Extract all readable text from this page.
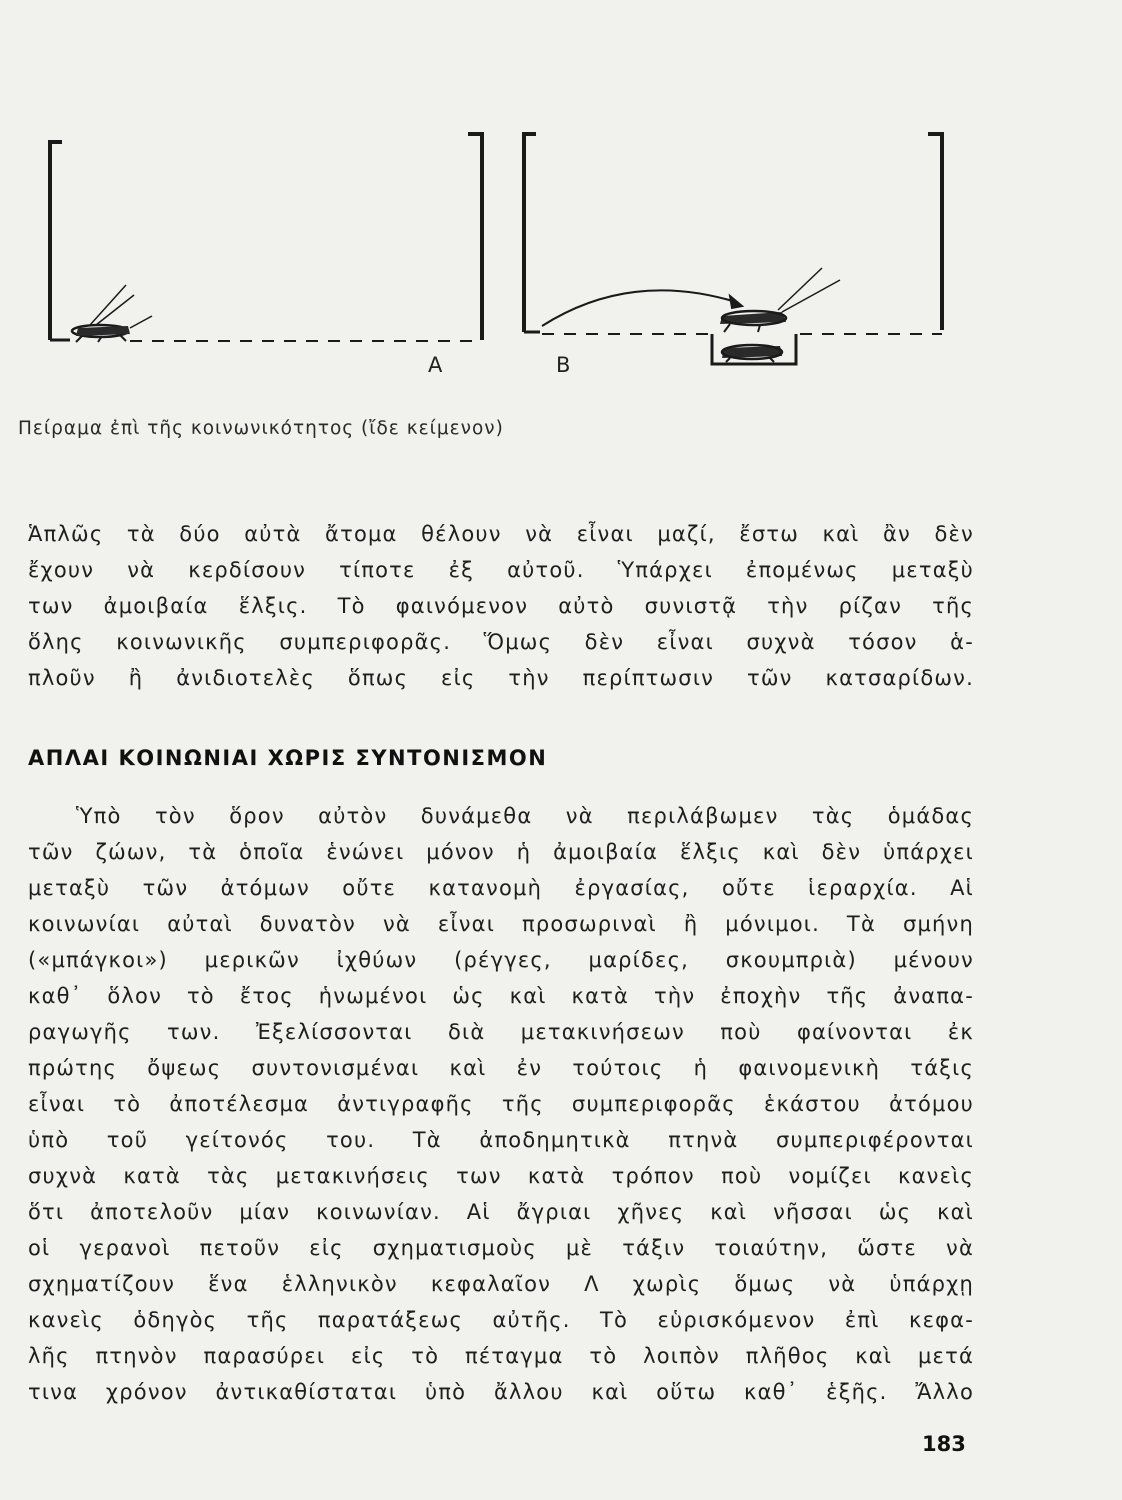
A	B
Πείραμα ἐπὶ τῆς κοινωνικότητος (ἴδε κείμενον)
Ἁπλῶς τὰ δύο αὐτὰ ἄτομα θέλουν νὰ εἶναι μαζί, ἔστω καὶ ἂν δὲν
ἔχουν νὰ κερδίσουν τίποτε ἐξ αὐτοῦ. Ὑπάρχει ἐπομένως μεταξὺ
των ἀμοιβαία ἕλξις. Τὸ φαινόμενον αὐτὸ συνιστᾷ τὴν ρίζαν τῆς
ὅλης κοινωνικῆς συμπεριφορᾶς. Ὅμως δὲν εἶναι συχνὰ τόσον ἁ-
πλοῦν ἢ ἀνιδιοτελὲς ὅπως εἰς τὴν περίπτωσιν τῶν κατσαρίδων.
ΑΠΛΑΙ ΚΟΙΝΩΝΙΑΙ ΧΩΡΙΣ ΣΥΝΤΟΝΙΣΜΟΝ
Ὑπὸ τὸν ὅρον αὐτὸν δυνάμεθα νὰ περιλάβωμεν τὰς ὁμάδας
τῶν ζώων, τὰ ὁποῖα ἑνώνει μόνον ἡ ἀμοιβαία ἕλξις καὶ δὲν ὑπάρχει
μεταξὺ τῶν ἀτόμων οὔτε κατανομὴ ἐργασίας, οὔτε ἱεραρχία. Αἱ
κοινωνίαι αὐταὶ δυνατὸν νὰ εἶναι προσωριναὶ ἢ μόνιμοι. Τὰ σμήνη
(«μπάγκοι») μερικῶν ἰχθύων (ρέγγες, μαρίδες, σκουμπριὰ) μένουν
καθ᾽ ὅλον τὸ ἔτος ἡνωμένοι ὡς καὶ κατὰ τὴν ἐποχὴν τῆς ἀναπα-
ραγωγῆς των. Ἐξελίσσονται διὰ μετακινήσεων ποὺ φαίνονται ἐκ
πρώτης ὄψεως συντονισμέναι καὶ ἐν τούτοις ἡ φαινομενικὴ τάξις
εἶναι τὸ ἀποτέλεσμα ἀντιγραφῆς τῆς συμπεριφορᾶς ἑκάστου ἀτόμου
ὑπὸ τοῦ γείτονός του. Τὰ ἀποδημητικὰ πτηνὰ συμπεριφέρονται
συχνὰ κατὰ τὰς μετακινήσεις των κατὰ τρόπον ποὺ νομίζει κανεὶς
ὅτι ἀποτελοῦν μίαν κοινωνίαν. Αἱ ἄγριαι χῆνες καὶ νῆσσαι ὡς καὶ
οἱ γερανοὶ πετοῦν εἰς σχηματισμοὺς μὲ τάξιν τοιαύτην, ὥστε νὰ
σχηματίζουν ἕνα ἑλληνικὸν κεφαλαῖον Λ χωρὶς ὅμως νὰ ὑπάρχῃ
κανεὶς ὁδηγὸς τῆς παρατάξεως αὐτῆς. Τὸ εὑρισκόμενον ἐπὶ κεφα-
λῆς πτηνὸν παρασύρει εἰς τὸ πέταγμα τὸ λοιπὸν πλῆθος καὶ μετά
τινα χρόνον ἀντικαθίσταται ὑπὸ ἄλλου καὶ οὕτω καθ᾽ ἑξῆς. Ἄλλο
183
